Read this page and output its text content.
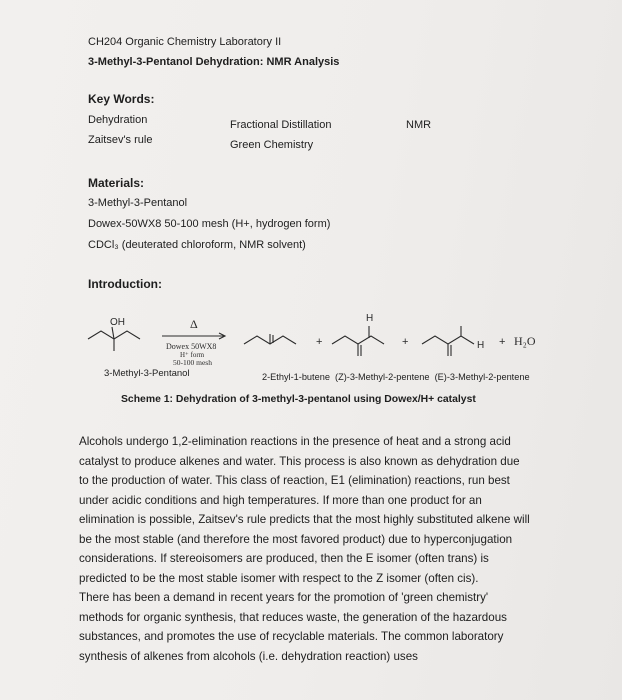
CH204 Organic Chemistry Laboratory II
3-Methyl-3-Pentanol Dehydration: NMR Analysis
Key Words:
Dehydration	Fractional Distillation	NMR
Zaitsev's rule	Green Chemistry
Materials:
3-Methyl-3-Pentanol
Dowex-50WX8 50-100 mesh (H+, hydrogen form)
CDCl₃ (deuterated chloroform, NMR solvent)
Introduction:
OH	Δ
Dowex 50WX8
H⁺ form
50-100 mesh
+
H
+	H + H₂O
3-Methyl-3-Pentanol	2-Ethyl-1-butene  (Z)-3-Methyl-2-pentene  (E)-3-Methyl-2-pentene
Scheme 1: Dehydration of 3-methyl-3-pentanol using Dowex/H+ catalyst
Alcohols undergo 1,2-elimination reactions in the presence of heat and a strong acid
catalyst to produce alkenes and water. This process is also known as dehydration due
to the production of water. This class of reaction, E1 (elimination) reactions, run best
under acidic conditions and high temperatures. If more than one product for an
elimination is possible, Zaitsev's rule predicts that the most highly substituted alkene will
be the most stable (and therefore the most favored product) due to hyperconjugation
considerations. If stereoisomers are produced, then the E isomer (often trans) is
predicted to be the most stable isomer with respect to the Z isomer (often cis).
There has been a demand in recent years for the promotion of 'green chemistry'
methods for organic synthesis, that reduces waste, the generation of the hazardous
substances, and promotes the use of recyclable materials. The common laboratory
synthesis of alkenes from alcohols (i.e. dehydration reaction) uses
